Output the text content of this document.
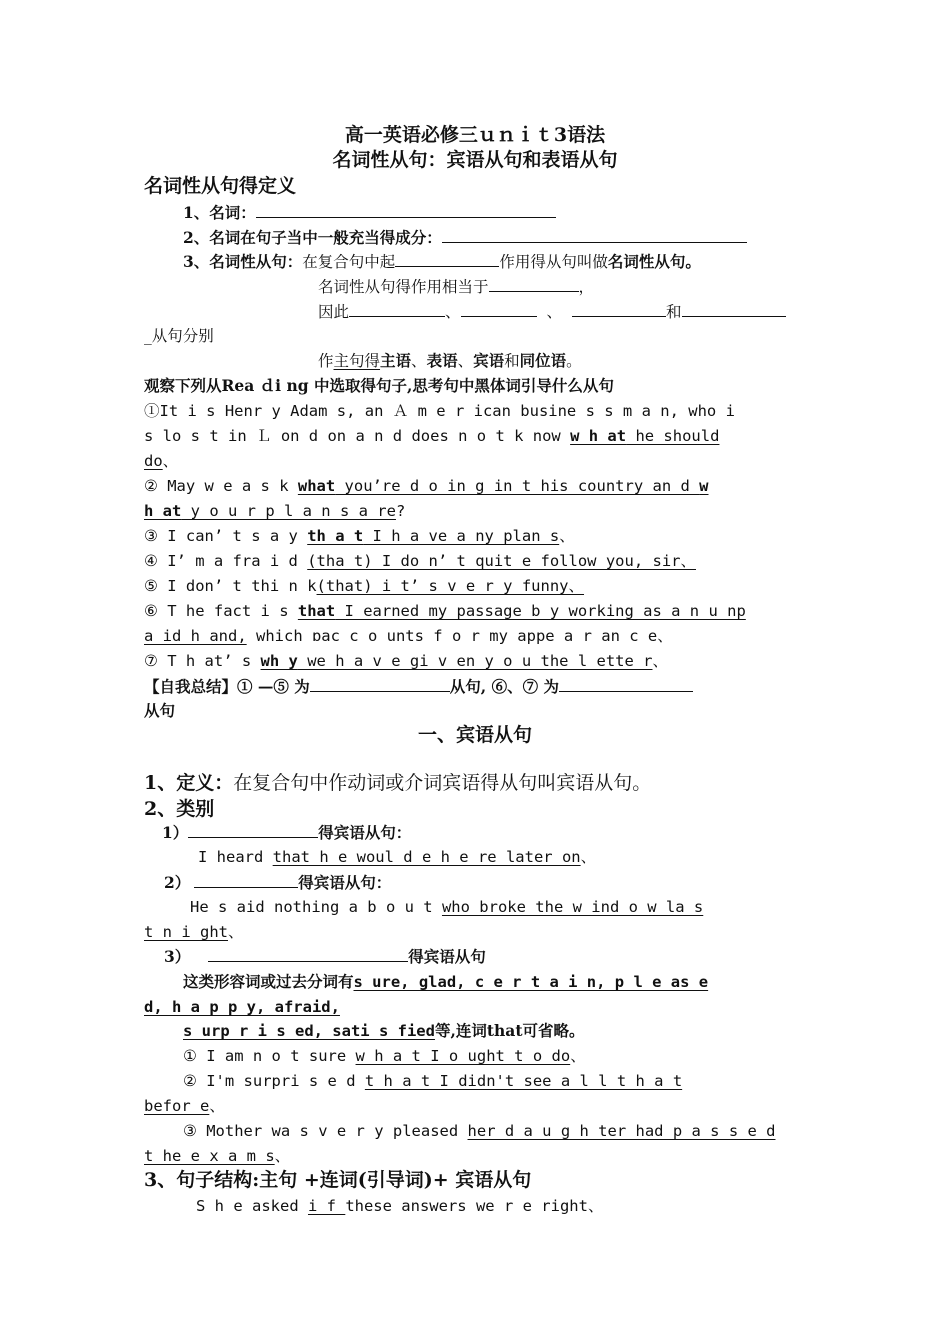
高一英语必修三ｕｎｉｔ3语法
名词性从句：宾语从句和表语从句
名词性从句得定义
1、名词：
2、名词在句子当中一般充当得成分：
3、名词性从句：在复合句中起	作用得从句叫做名词性从句。
名词性从句得作用相当于	，
因此	、	、	和
_从句分别
作主句得主语、表语、宾语和同位语。
观察下列从Rea ｄi ng 中选取得句子,思考句中黑体词引导什么从句
①It i s Henr y Adam s, an Ａ m e r ican busine s s m a n, who i
s lo s t in Ｌ on d on a n d does n o t k now w h at he should
do、
② May w e a s k what you’re d o in g in t his country an d w
h at y o u r p l a n s a re?
③ I can’ t s a y th a t I h a ve a ny plan s、
④ I’ m a fra i d (tha t) I do n’ t quit e follow you, sir、
⑤ I don’ t thi n k(that) i t’ s v e r y funny、
⑥ T he fact i s that I earned my passage b y working as a n u np
a id h and, which ɒac c o unts f o r my appe a r an c e、
⑦ T h at’ s wh y we h a v e gi v en y o u the l ette r、
【自我总结】① —⑤ 为	从句, ⑥、⑦ 为
从句
一、宾语从句
1、定义：在复合句中作动词或介词宾语得从句叫宾语从句。
2、类别
1）	得宾语从句：
I heard that h e woul d e h e re later on、
2）	得宾语从句：
He s aid nothing a b o u t who broke the w ind o w la s
t n i ght、
3）	得宾语从句
这类形容词或过去分词有s ure, glad, c e r t a i n, p l e as e
d, h a p p y, afraid,
s urp r i s ed, sati s fied等,连词that可省略。
① I am n o t sure w h a t I o ught t o do、
② I'm surpri s e d t h a t I didn't see a l l t h a t
befor e、
③ Mother wa s v e r y pleased her d a u g h ter had p a s s e d
t he e x a m s、
3、句子结构:主句 +连词(引导词)+ 宾语从句
S h e asked i f these answers we r e right、
